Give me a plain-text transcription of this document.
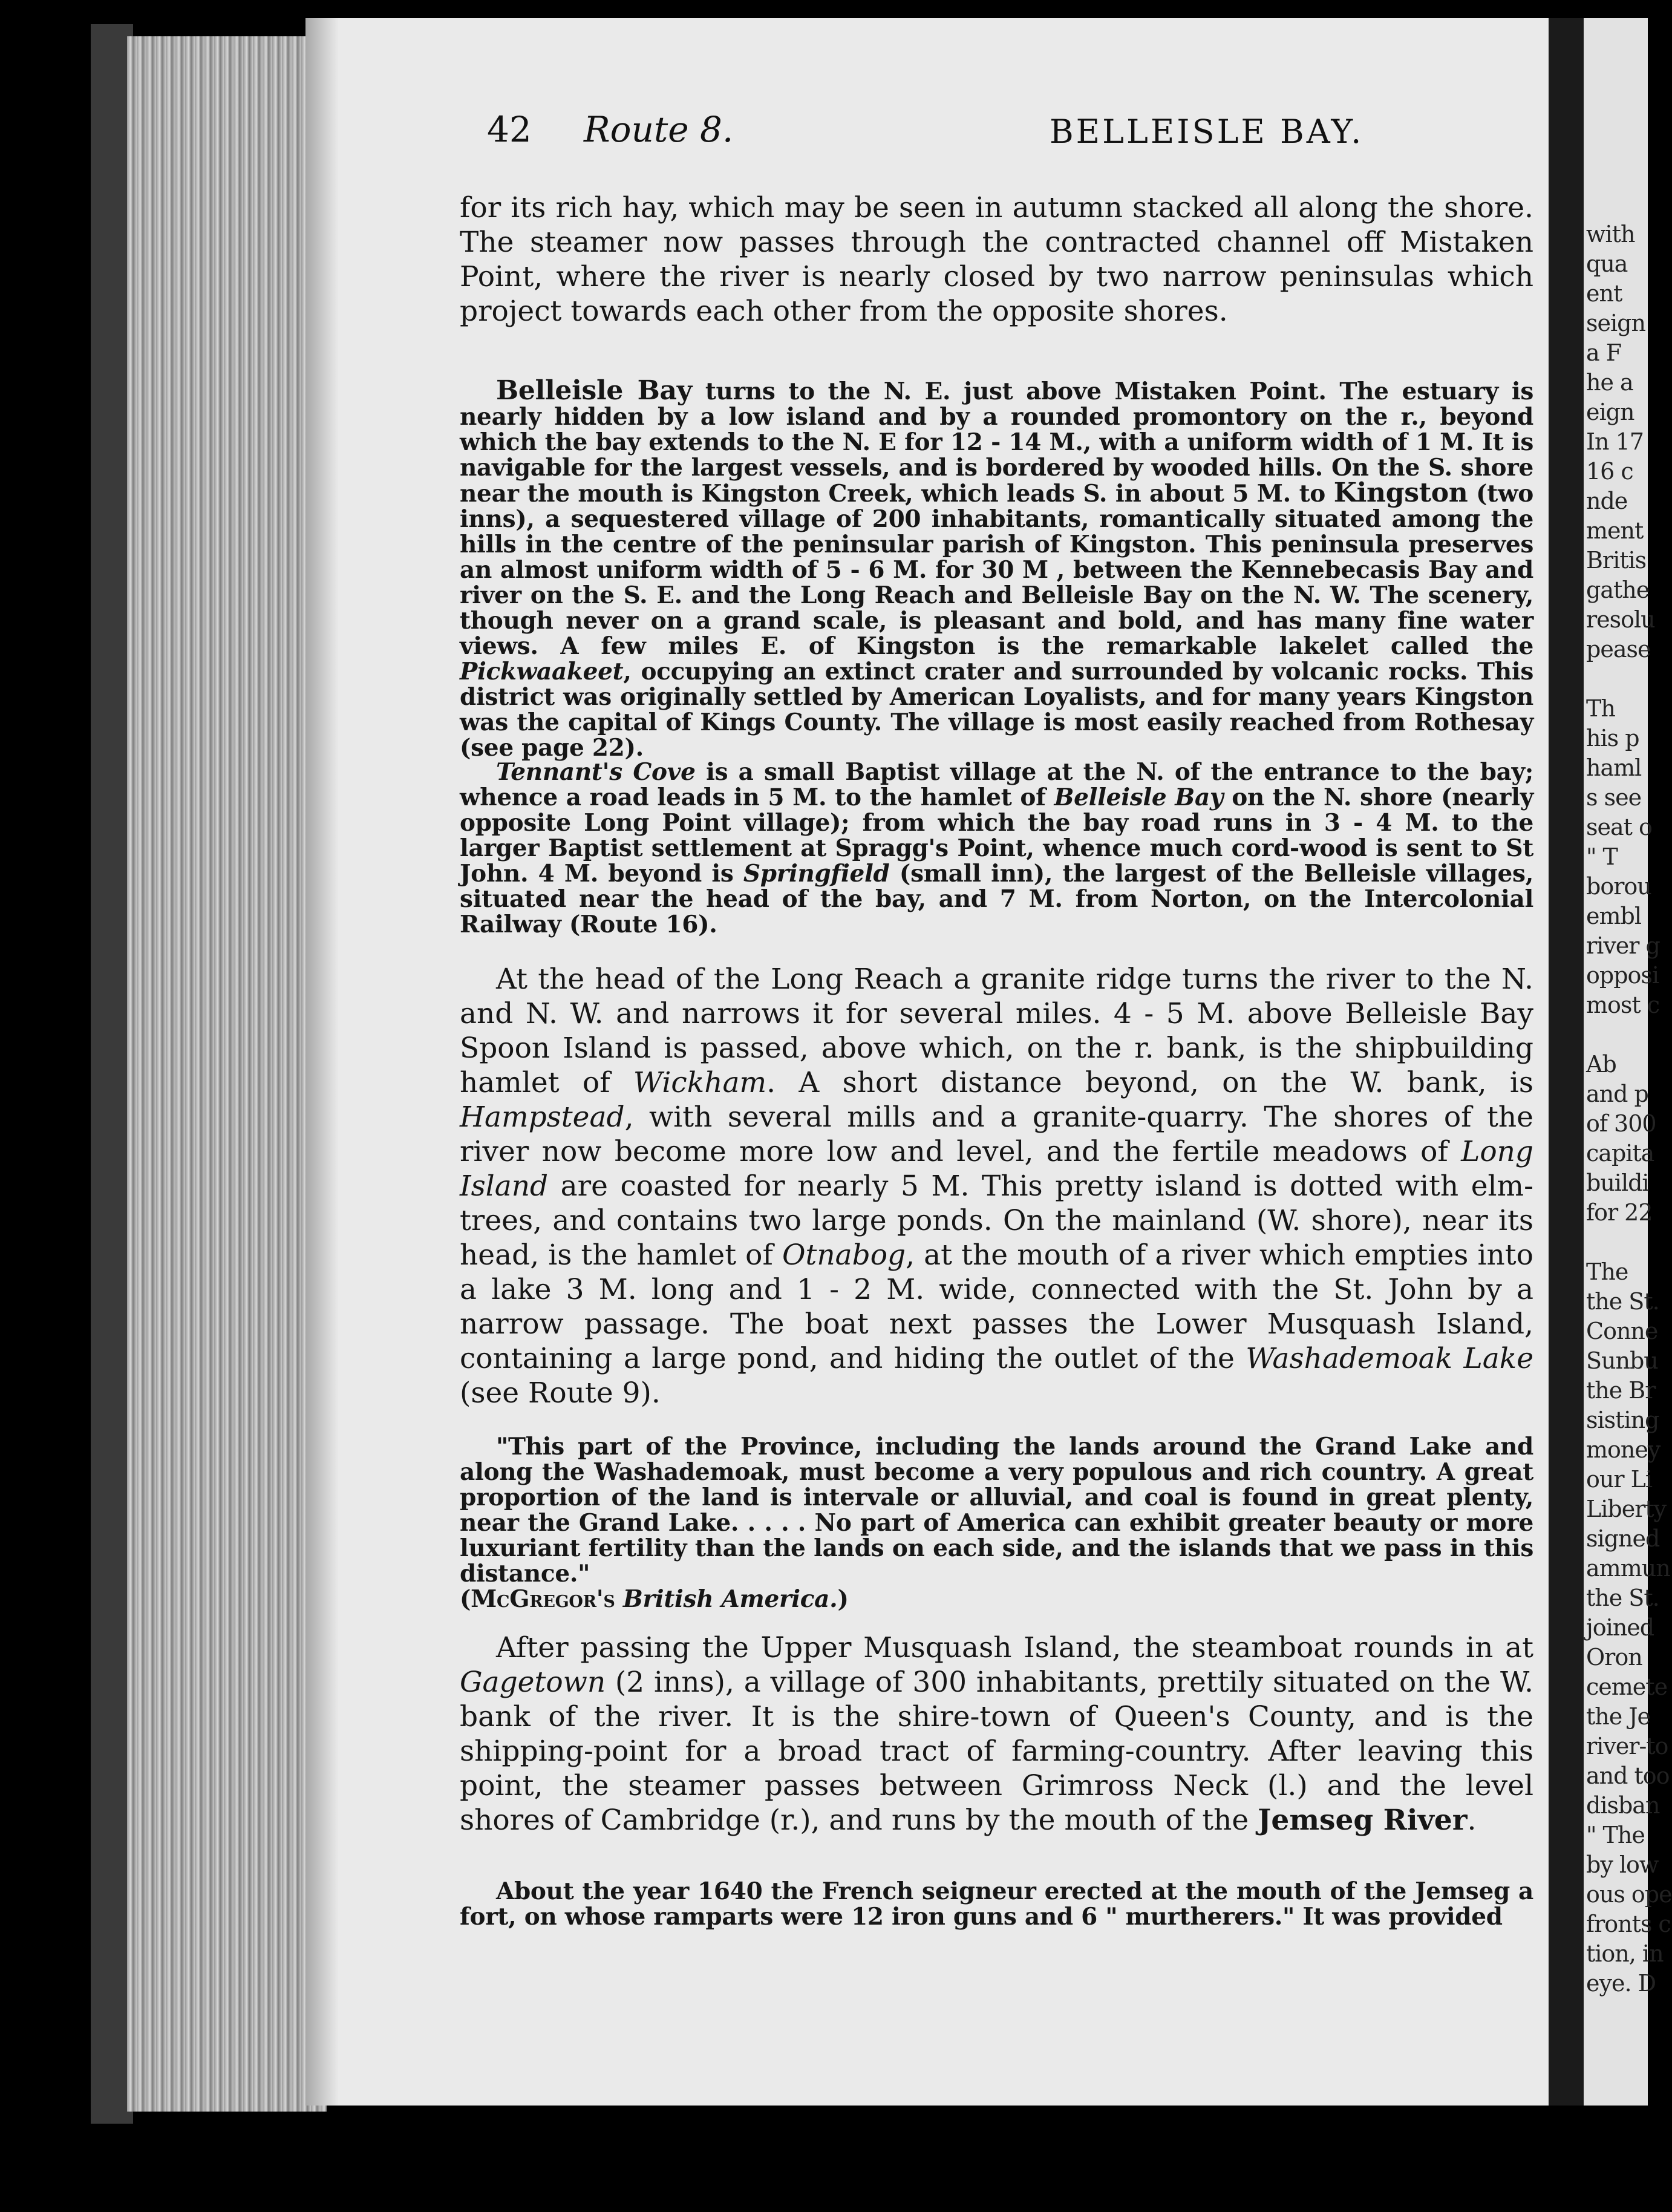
42 Route 8.	BELLEISLE BAY.

for its rich hay, which may be seen in autumn stacked all along the shore. The steamer now passes through the contracted channel off Mistaken Point, where the river is nearly closed by two narrow peninsulas which project towards each other from the opposite shores.

Belleisle Bay turns to the N. E. just above Mistaken Point. The estuary is nearly hidden by a low island and by a rounded promontory on the r., beyond which the bay extends to the N. E for 12 - 14 M., with a uniform width of 1 M. It is navigable for the largest vessels, and is bordered by wooded hills. On the S. shore near the mouth is Kingston Creek, which leads S. in about 5 M. to Kingston (two inns), a sequestered village of 200 inhabitants, romantically situated among the hills in the centre of the peninsular parish of Kingston. This peninsula preserves an almost uniform width of 5 - 6 M. for 30 M , between the Kennebecasis Bay and river on the S. E. and the Long Reach and Belleisle Bay on the N. W. The scenery, though never on a grand scale, is pleasant and bold, and has many fine water views. A few miles E. of Kingston is the remarkable lakelet called the Pickwaakeet, occupying an extinct crater and surrounded by volcanic rocks. This district was originally settled by American Loyalists, and for many years Kingston was the capital of Kings County. The village is most easily reached from Rothesay (see page 22).

Tennant's Cove is a small Baptist village at the N. of the entrance to the bay; whence a road leads in 5 M. to the hamlet of Belleisle Bay on the N. shore (nearly opposite Long Point village); from which the bay road runs in 3 - 4 M. to the larger Baptist settlement at Spragg's Point, whence much cord-wood is sent to St John. 4 M. beyond is Springfield (small inn), the largest of the Belleisle villages, situated near the head of the bay, and 7 M. from Norton, on the Intercolonial Railway (Route 16).

At the head of the Long Reach a granite ridge turns the river to the N. and N. W. and narrows it for several miles. 4 - 5 M. above Belleisle Bay Spoon Island is passed, above which, on the r. bank, is the shipbuilding hamlet of Wickham. A short distance beyond, on the W. bank, is Hampstead, with several mills and a granite-quarry. The shores of the river now become more low and level, and the fertile meadows of Long Island are coasted for nearly 5 M. This pretty island is dotted with elm-trees, and contains two large ponds. On the mainland (W. shore), near its head, is the hamlet of Otnabog, at the mouth of a river which empties into a lake 3 M. long and 1 - 2 M. wide, connected with the St. John by a narrow passage. The boat next passes the Lower Musquash Island, containing a large pond, and hiding the outlet of the Washademoak Lake (see Route 9).

"This part of the Province, including the lands around the Grand Lake and along the Washademoak, must become a very populous and rich country. A great proportion of the land is intervale or alluvial, and coal is found in great plenty, near the Grand Lake. . . . . No part of America can exhibit greater beauty or more luxuriant fertility than the lands on each side, and the islands that we pass in this distance."
(McGregor's British America.)

After passing the Upper Musquash Island, the steamboat rounds in at Gagetown (2 inns), a village of 300 inhabitants, prettily situated on the W. bank of the river. It is the shire-town of Queen's County, and is the shipping-point for a broad tract of farming-country. After leaving this point, the steamer passes between Grimross Neck (l.) and the level shores of Cambridge (r.), and runs by the mouth of the Jemseg River.

About the year 1640 the French seigneur erected at the mouth of the Jemseg a fort, on whose ramparts were 12 iron guns and 6 " murtherers." It was provided

with
qua
ent
seign
a F
he a
eign
In 17
16 c
nde
ment
Britis
gathe
resolu
pease
Th
his p
haml
s see
seat o
" T
borou
embl
river g
opposi
most c
Ab
and p
of 300
capita
buildi
for 22
The
the St.
Conne
Sunbu
the Br
sisting
money
our Li
Liberty
signed
ammun
the St.
joined
Oron
cemete
the Je
river-to
and too
disban
" The
by low
ous ope
fronts c
tion, in
eye. D
